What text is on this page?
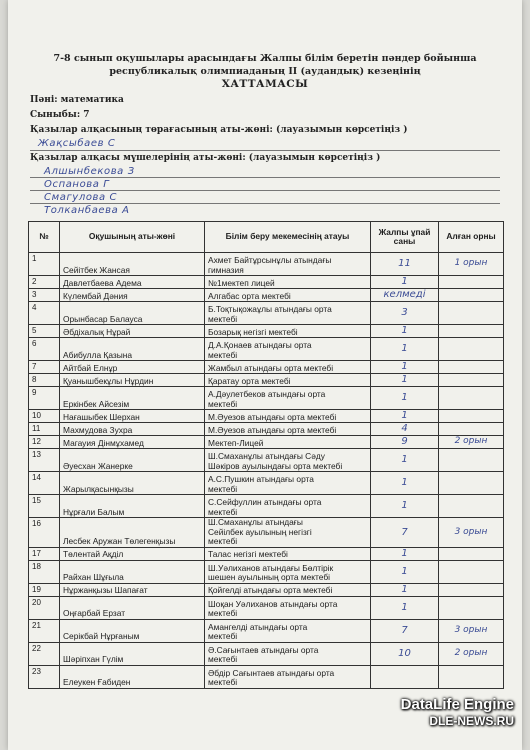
7-8 сынып оқушылары арасындағы Жалпы білім беретін пәндер бойынша
республикалық олимпиаданың ІІ (аудандық) кезеңінің
ХАТТАМАСЫ
Пәні: математика
Сыныбы: 7
Қазылар алқасының төрағасының аты-жөні: (лауазымын көрсетіңіз )
Жақсыбаев С
Қазылар алқасы мүшелерінің аты-жөні: (лауазымын көрсетіңіз )
Алшынбекова З
Оспанова Г
Смагулова С
Толканбаева А
№	Оқушының аты-жөні	Білім беру мекемесінің атауы	Жалпы ұпай саны	Алған орны
1	Сейітбек Жансая	Ахмет Байтұрсынұлы атындағы
гимназия	11	1 орын
2	Давлетбаева Адема	№1мектеп лицей	1	
3	Күлембай Дәния	Алгабас орта мектебі	келмеді	
4	Орынбасар Балауса	Б.Тоқтықожаұлы атындағы орта
мектебі	3	
5	Әбдіхалық Нұрай	Бозарық негізгі мектебі	1	
6	Абибулла Қазына	Д.А.Қонаев атындағы орта
мектебі	1	
7	Айтбай Елнұр	Жамбыл атындағы орта мектебі	1	
8	Қуанышбекұлы Нұрдин	Қаратау орта мектебі	1	
9	Еркінбек Айсезім	А.Дәулетбеков атындағы орта
мектебі	1	
10	Нағашыбек Шерхан	М.Әуезов атындағы орта мектебі	1	
11	Махмудова Зухра	М.Әуезов атындағы орта мектебі	4	
12	Магауия Дінмұхамед	Мектеп-Лицей	9	2 орын
13	Әуесхан Жанерке	Ш.Смаханұлы атындағы Сәду
Шәкіров ауылындағы орта мектебі	1	
14	Жарылқасынқызы	А.С.Пушкин атындағы орта
мектебі	1	
15	Нұрғали Балым	С.Сейфуллин атындағы орта
мектебі	1	
16	Лесбек Аружан Төлегенқызы	Ш.Смаханұлы атындағы
Сейілбек ауылының негізгі
мектебі	7	3 орын
17	Төлентай Ақділ	Талас негізгі мектебі	1	
18	Райхан Шұғыла	Ш.Уәлиханов атындағы Бөлтірік
шешен ауылының орта мектебі	1	
19	Нұржанқызы Шапағат	Қойгелді атындағы орта мектебі	1	
20	Оңғарбай Ерзат	Шоқан Уәлиханов атындағы орта
мектебі	1	
21	Серікбай Нұрғаным	Амангелді атындағы орта
мектебі	7	3 орын
22	Шәріпхан Гүлім	Ә.Сағынтаев атындағы орта
мектебі	10	2 орын
23	Елеукен Ғабиден	Әбдір Сағынтаев атындағы орта
мектебі		

DataLife Engine
DLE-NEWS.RU
